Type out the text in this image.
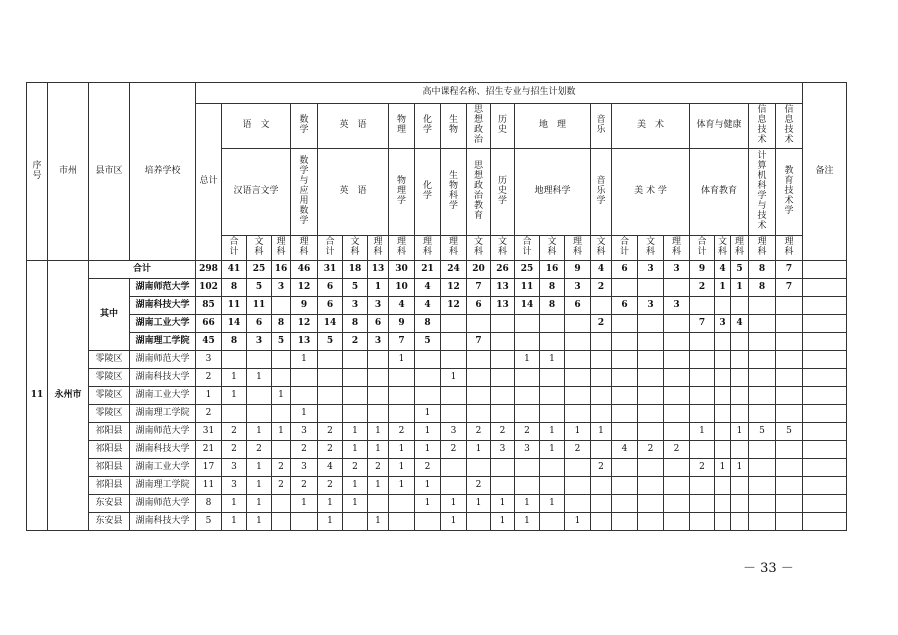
序号	市州	县市区	培养学校	高中课程名称、招生专业与招生计划数																									备注
				总计	语　文			数学	英　语			物理	化学	生物	思想政治	历史	地　理			音乐	美　术			体育与健康			信息技术	信息技术	
					汉语言文学			数学与应用数学	英　语			物理学	化学	生物科学	思想政治教育	历史学	地理科学			音乐学	美 术 学			体育教育			计算机科学与技术	教育技术学	
					合计	文科	理科	理科	合计	文科	理科	理科	理科	理科	文科	文科	合计	文科	理科	文科	合计	文科	理科	合计	文科	理科	理科	理科	
11	永州市	合计		298	41	25	16	46	31	18	13	30	21	24	20	26	25	16	9	4	6	3	3	9	4	5	8	7	
		其中	湖南师范大学	102	8	5	3	12	6	5	1	10	4	12	7	13	11	8	3	2				2	1	1	8	7	
			湖南科技大学	85	11	11		9	6	3	3	4	4	12	6	13	14	8	6		6	3	3						
			湖南工业大学	66	14	6	8	12	14	8	6	9	8							2				7	3	4			
			湖南理工学院	45	8	3	5	13	5	2	3	7	5		7														
		零陵区	湖南师范大学	3				1				1					1	1											
		零陵区	湖南科技大学	2	1	1								1															
		零陵区	湖南工业大学	1	1		1																						
		零陵区	湖南理工学院	2				1					1																
		祁阳县	湖南师范大学	31	2	1	1	3	2	1	1	2	1	3	2	2	2	1	1	1				1		1	5	5	
		祁阳县	湖南科技大学	21	2	2		2	2	1	1	1	1	2	1	3	3	1	2		4	2	2						
		祁阳县	湖南工业大学	17	3	1	2	3	4	2	2	1	2							2				2	1	1			
		祁阳县	湖南理工学院	11	3	1	2	2	2	1	1	1	1		2														
		东安县	湖南师范大学	8	1	1		1	1	1			1	1	1	1	1	1											
		东安县	湖南科技大学	5	1	1			1		1			1		1	1		1										
－ 33 －
